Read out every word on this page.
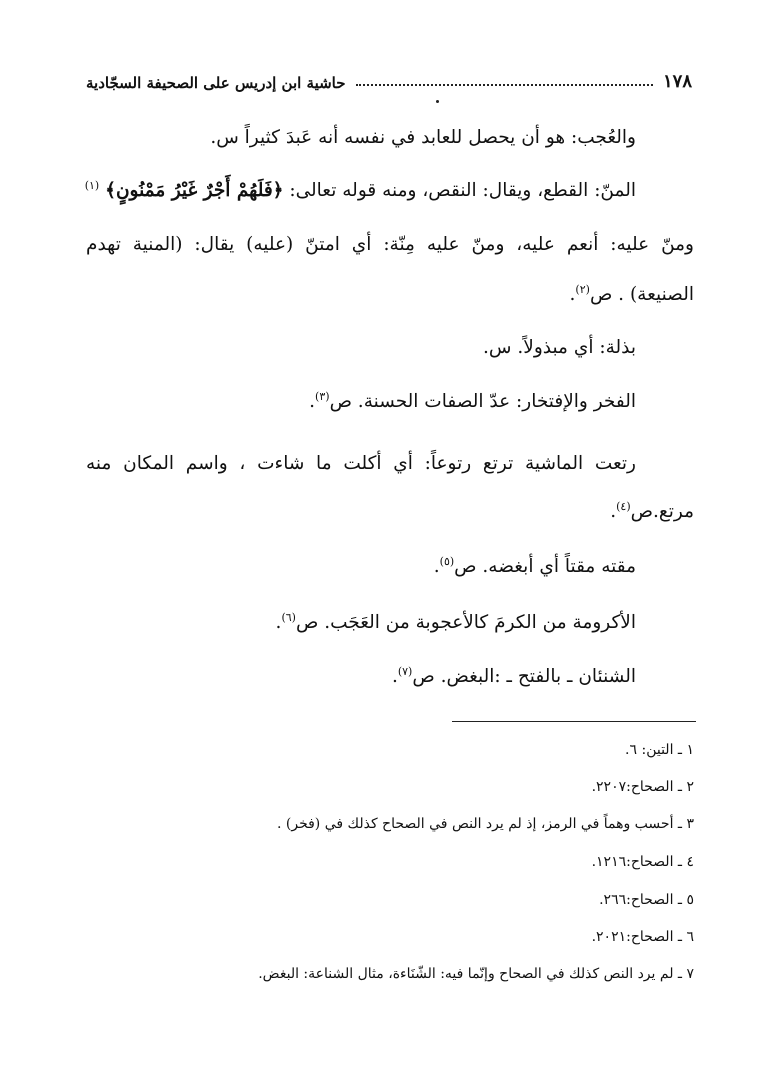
١٧٨
حاشية ابن إدريس على الصحيفة السجّادية
والعُجب: هو أن يحصل للعابد في نفسه أنه عَبدَ كثيراً س.
المنّ: القطع، ويقال: النقص، ومنه قوله تعالى: ﴿فَلَهُمْ أَجْرٌ غَيْرُ مَمْنُونٍ﴾ $^{(١)}$
ومنّ عليه: أنعم عليه، ومنّ عليه مِنّة: أي امتنّ (عليه) يقال: (المنية تهدم
الصنيعة) . ص$^{(٢)}$.
بذلة: أي مبذولاً. س.
الفخر والإفتخار: عدّ الصفات الحسنة. ص$^{(٣)}$.
رتعت الماشية ترتع رتوعاً: أي أكلت ما شاءت ، واسم المكان منه
مرتع.ص$^{(٤)}$.
مقته مقتاً أي أبغضه. ص$^{(٥)}$.
الأكرومة من الكرمَ كالأعجوبة من العَجَب. ص$^{(٦)}$.
الشنئان ـ بالفتح ـ :البغض. ص$^{(٧)}$.
١ ـ التين: ٦.
٢ ـ الصحاح:٢٢٠٧.
٣ ـ أحسب وهماً في الرمز، إذ لم يرد النص في الصحاح كذلك في (فخر) .
٤ ـ الصحاح:١٢١٦.
٥ ـ الصحاح:٢٦٦.
٦ ـ الصحاح:٢٠٢١.
٧ ـ لم يرد النص كذلك في الصحاح وإنّما فيه: الشّنَاءة، مثال الشناعة: البغض.
